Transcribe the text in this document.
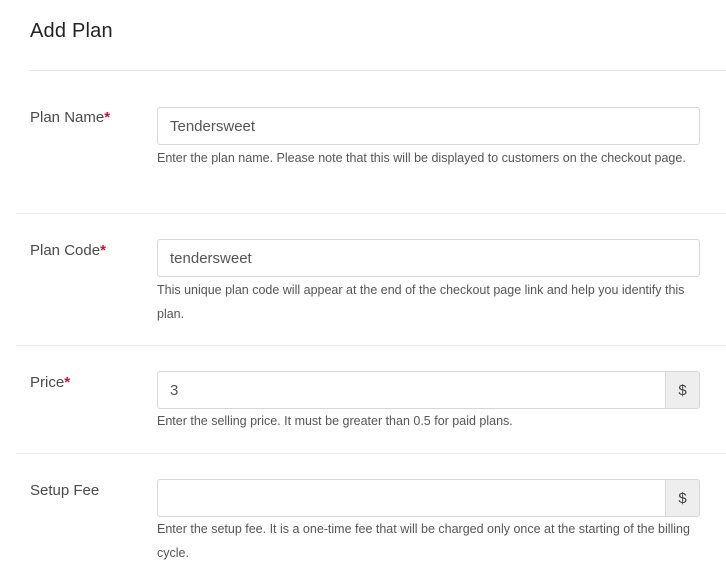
Add Plan
Plan Name*
Tendersweet
Enter the plan name. Please note that this will be displayed to customers on the checkout page.
Plan Code*
tendersweet
This unique plan code will appear at the end of the checkout page link and help you identify this plan.
Price*
3	$
Enter the selling price. It must be greater than 0.5 for paid plans.
Setup Fee	$
Enter the setup fee. It is a one-time fee that will be charged only once at the starting of the billing cycle.
